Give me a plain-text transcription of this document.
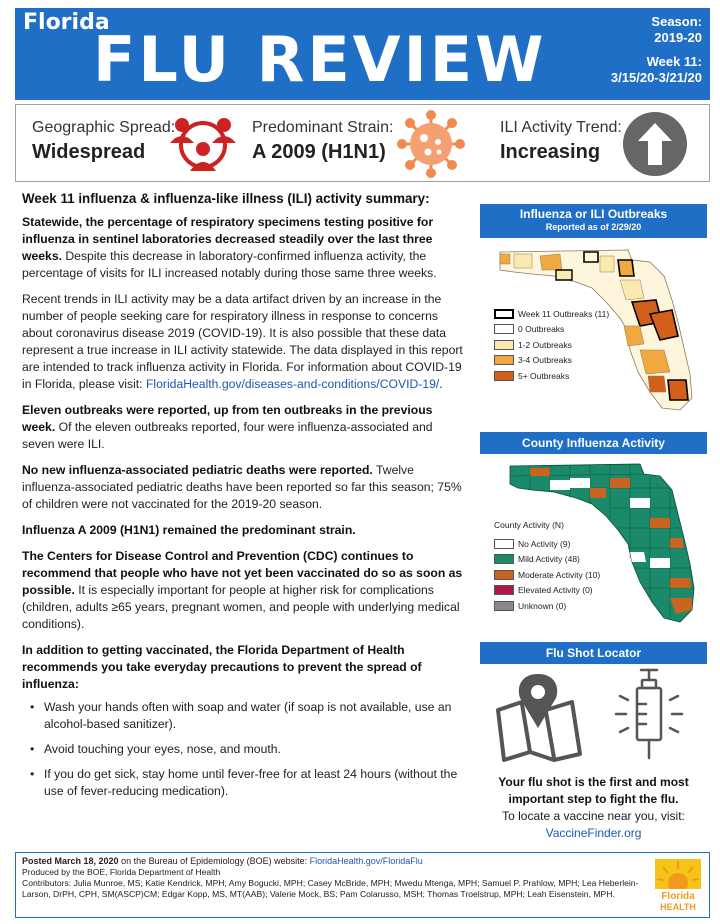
Florida
FLU REVIEW
Season:
2019-20
Week 11:
3/15/20-3/21/20
Geographic Spread:
Widespread
Predominant Strain:
A 2009 (H1N1)
ILI Activity Trend:
Increasing
Week 11 influenza & influenza-like illness (ILI) activity summary:

Statewide, the percentage of respiratory specimens testing positive for influenza in sentinel laboratories decreased steadily over the last three weeks. Despite this decrease in laboratory-confirmed influenza activity, the percentage of visits for ILI increased notably during those same three weeks.

Recent trends in ILI activity may be a data artifact driven by an increase in the number of people seeking care for respiratory illness in response to concerns about coronavirus disease 2019 (COVID-19). It is also possible that these data represent a true increase in ILI activity statewide. The data displayed in this report are intended to track influenza activity in Florida. For information about COVID-19 in Florida, please visit: FloridaHealth.gov/diseases-and-conditions/COVID-19/.

Eleven outbreaks were reported, up from ten outbreaks in the previous week. Of the eleven outbreaks reported, four were influenza-associated and seven were ILI.

No new influenza-associated pediatric deaths were reported. Twelve influenza-associated pediatric deaths have been reported so far this season; 75% of children were not vaccinated for the 2019-20 season.

Influenza A 2009 (H1N1) remained the predominant strain.

The Centers for Disease Control and Prevention (CDC) continues to recommend that people who have not yet been vaccinated do so as soon as possible. It is especially important for people at higher risk for complications (children, adults ≥65 years, pregnant women, and people with underlying medical conditions).

In addition to getting vaccinated, the Florida Department of Health recommends you take everyday precautions to prevent the spread of influenza:

• Wash your hands often with soap and water (if soap is not available, use an alcohol-based sanitizer).
• Avoid touching your eyes, nose, and mouth.
• If you do get sick, stay home until fever-free for at least 24 hours (without the use of fever-reducing medication).
Influenza or ILI Outbreaks
Reported as of 2/29/20
Week 11 Outbreaks (11)
0 Outbreaks
1-2 Outbreaks
3-4 Outbreaks
5+ Outbreaks
County Influenza Activity
County Activity (N)
No Activity (9)
Mild Activity (48)
Moderate Activity (10)
Elevated Activity (0)
Unknown (0)
Flu Shot Locator
Your flu shot is the first and most important step to fight the flu.
To locate a vaccine near you, visit:
VaccineFinder.org
Posted March 18, 2020 on the Bureau of Epidemiology (BOE) website: FloridaHealth.gov/FloridaFlu
Produced by the BOE, Florida Department of Health
Contributors: Julia Munroe, MS; Katie Kendrick, MPH; Amy Bogucki, MPH; Casey McBride, MPH; Mwedu Mtenga, MPH; Samuel P. Prahlow, MPH; Lea Heberlein-Larson, DrPH, CPH, SM(ASCP)CM; Edgar Kopp, MS, MT(AAB); Valerie Mock, BS; Pam Colarusso, MSH; Thomas Troelstrup, MPH; Leah Eisenstein, MPH.	Florida
HEALTH
